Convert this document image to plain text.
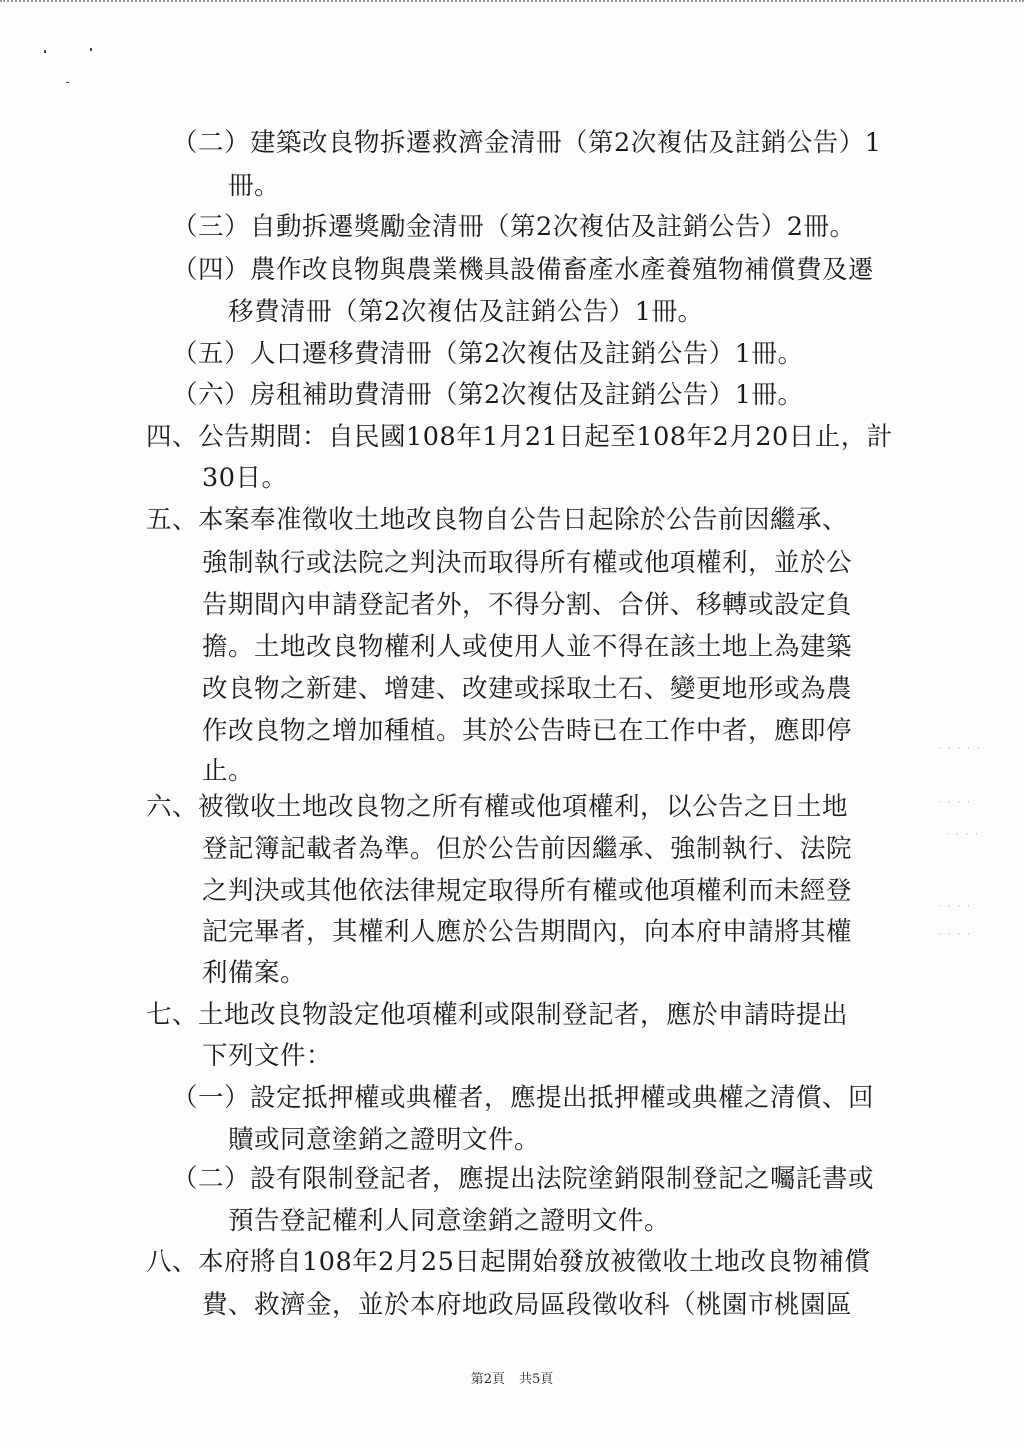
· · · · ·
· · · ·
· · · ·
· · · ·
· · · ·
（二）建築改良物拆遷救濟金清冊（第2次複估及註銷公告）1
冊。
（三）自動拆遷獎勵金清冊（第2次複估及註銷公告）2冊。
（四）農作改良物與農業機具設備畜產水產養殖物補償費及遷
移費清冊（第2次複估及註銷公告）1冊。
（五）人口遷移費清冊（第2次複估及註銷公告）1冊。
（六）房租補助費清冊（第2次複估及註銷公告）1冊。
四、公告期間：自民國108年1月21日起至108年2月20日止，計
30日。
五、本案奉准徵收土地改良物自公告日起除於公告前因繼承、
強制執行或法院之判決而取得所有權或他項權利，並於公
告期間內申請登記者外，不得分割、合併、移轉或設定負
擔。土地改良物權利人或使用人並不得在該土地上為建築
改良物之新建、增建、改建或採取土石、變更地形或為農
作改良物之增加種植。其於公告時已在工作中者，應即停
止。
六、被徵收土地改良物之所有權或他項權利，以公告之日土地
登記簿記載者為準。但於公告前因繼承、強制執行、法院
之判決或其他依法律規定取得所有權或他項權利而未經登
記完畢者，其權利人應於公告期間內，向本府申請將其權
利備案。
七、土地改良物設定他項權利或限制登記者，應於申請時提出
下列文件：
（一）設定抵押權或典權者，應提出抵押權或典權之清償、回
贖或同意塗銷之證明文件。
（二）設有限制登記者，應提出法院塗銷限制登記之囑託書或
預告登記權利人同意塗銷之證明文件。
八、本府將自108年2月25日起開始發放被徵收土地改良物補償
費、救濟金，並於本府地政局區段徵收科（桃園市桃園區
第2頁 共5頁
